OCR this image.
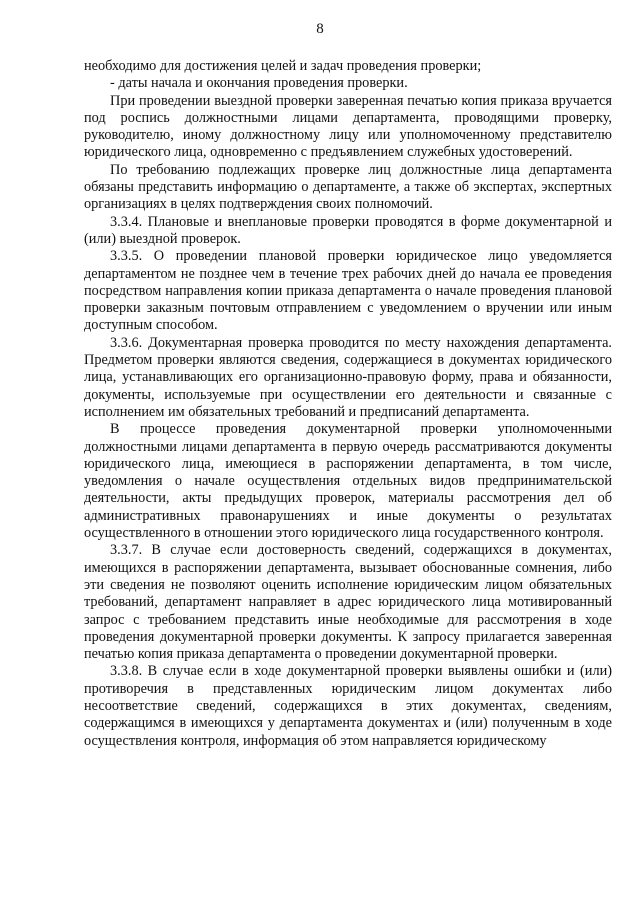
8

необходимо для достижения целей и задач проведения проверки;

- даты начала и окончания проведения проверки.

При проведении выездной проверки заверенная печатью копия приказа вручается под роспись должностными лицами департамента, проводящими проверку, руководителю, иному должностному лицу или уполномоченному представителю юридического лица, одновременно с предъявлением служебных удостоверений.

По требованию подлежащих проверке лиц должностные лица департамента обязаны представить информацию о департаменте, а также об экспертах, экспертных организациях в целях подтверждения своих полномочий.

3.3.4. Плановые и внеплановые проверки проводятся в форме документарной и (или) выездной проверок.

3.3.5. О проведении плановой проверки юридическое лицо уведомляется департаментом не позднее чем в течение трех рабочих дней до начала ее проведения посредством направления копии приказа департамента о начале проведения плановой проверки заказным почтовым отправлением с уведомлением о вручении или иным доступным способом.

3.3.6. Документарная проверка проводится по месту нахождения департамента. Предметом проверки являются сведения, содержащиеся в документах юридического лица, устанавливающих его организационно-правовую форму, права и обязанности, документы, используемые при осуществлении его деятельности и связанные с исполнением им обязательных требований и предписаний департамента.

В процессе проведения документарной проверки уполномоченными должностными лицами департамента в первую очередь рассматриваются документы юридического лица, имеющиеся в распоряжении департамента, в том числе, уведомления о начале осуществления отдельных видов предпринимательской деятельности, акты предыдущих проверок, материалы рассмотрения дел об административных правонарушениях и иные документы о результатах осуществленного в отношении этого юридического лица государственного контроля.

3.3.7. В случае если достоверность сведений, содержащихся в документах, имеющихся в распоряжении департамента, вызывает обоснованные сомнения, либо эти сведения не позволяют оценить исполнение юридическим лицом обязательных требований, департамент направляет в адрес юридического лица мотивированный запрос с требованием представить иные необходимые для рассмотрения в ходе проведения документарной проверки документы. К запросу прилагается заверенная печатью копия приказа департамента о проведении документарной проверки.

3.3.8. В случае если в ходе документарной проверки выявлены ошибки и (или) противоречия в представленных юридическим лицом документах либо несоответствие сведений, содержащихся в этих документах, сведениям, содержащимся в имеющихся у департамента документах и (или) полученным в ходе осуществления контроля, информация об этом направляется юридическому
